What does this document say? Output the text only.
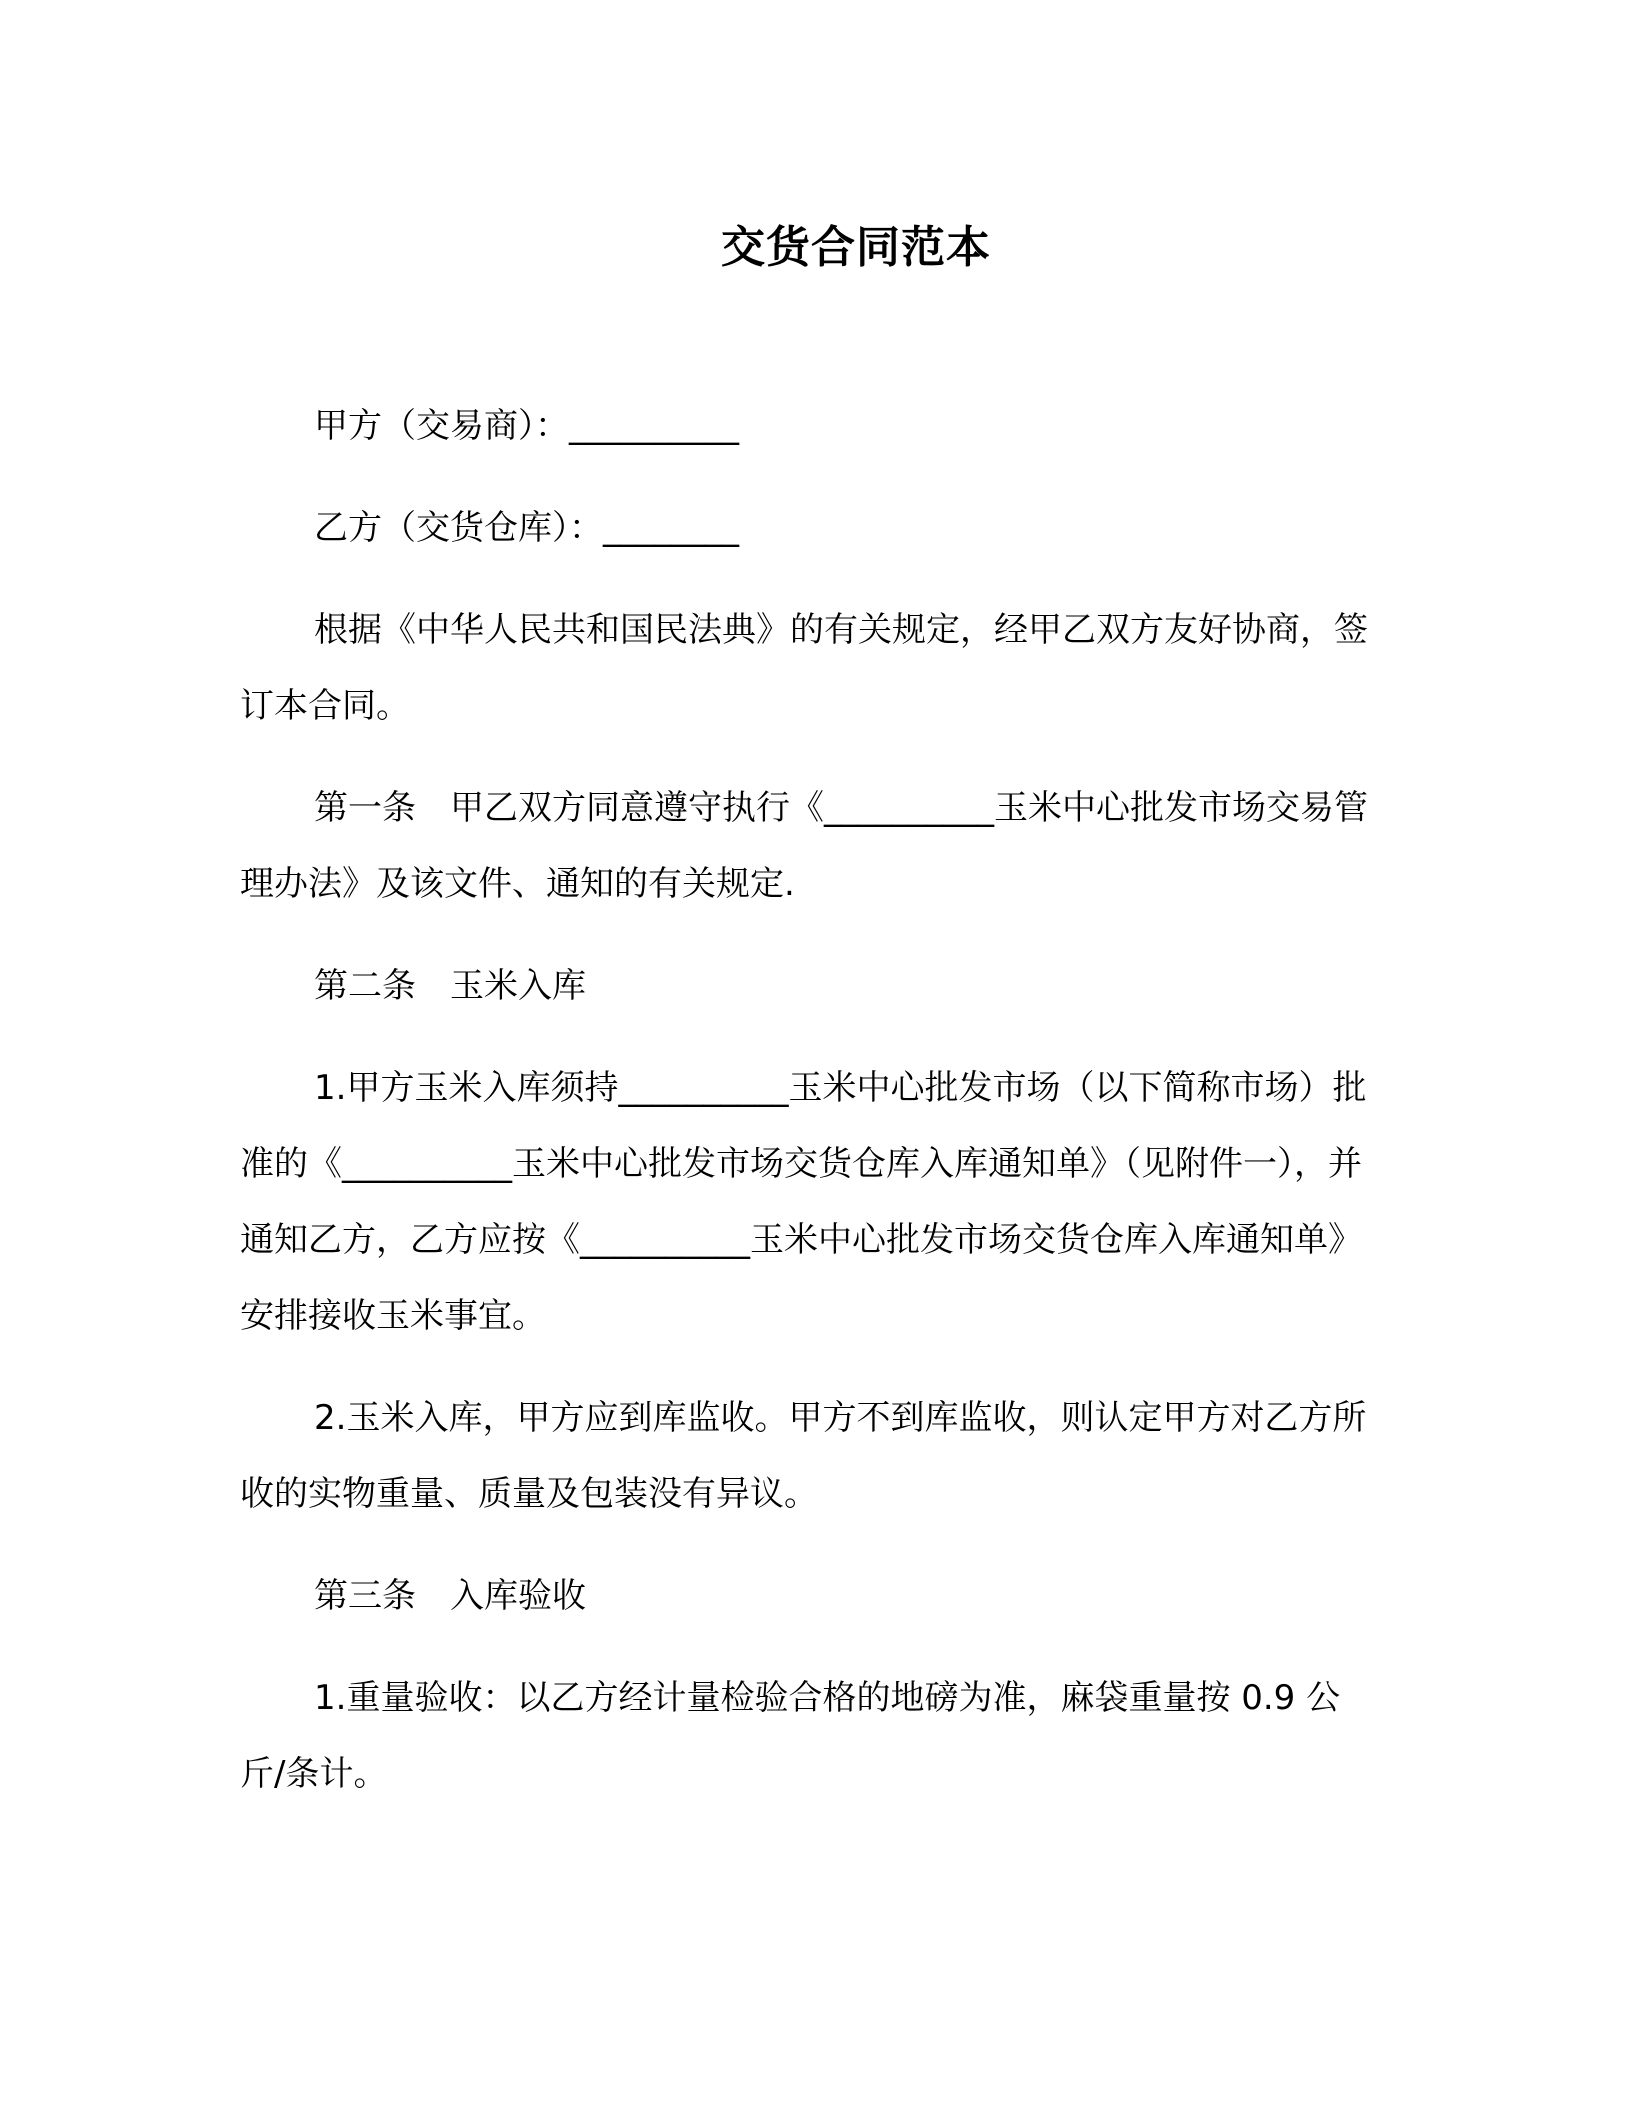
交货合同范本

甲方（交易商）：__________

乙方（交货仓库）：________

根据《中华人民共和国民法典》的有关规定，经甲乙双方友好协商，签订本合同。

第一条　甲乙双方同意遵守执行《__________玉米中心批发市场交易管理办法》及该文件、通知的有关规定.

第二条　玉米入库

1.甲方玉米入库须持__________玉米中心批发市场（以下简称市场）批准的《__________玉米中心批发市场交货仓库入库通知单》（见附件一），并通知乙方，乙方应按《__________玉米中心批发市场交货仓库入库通知单》安排接收玉米事宜。

2.玉米入库，甲方应到库监收。甲方不到库监收，则认定甲方对乙方所收的实物重量、质量及包装没有异议。

第三条　入库验收

1.重量验收：以乙方经计量检验合格的地磅为准，麻袋重量按 0.9 公斤/条计。
